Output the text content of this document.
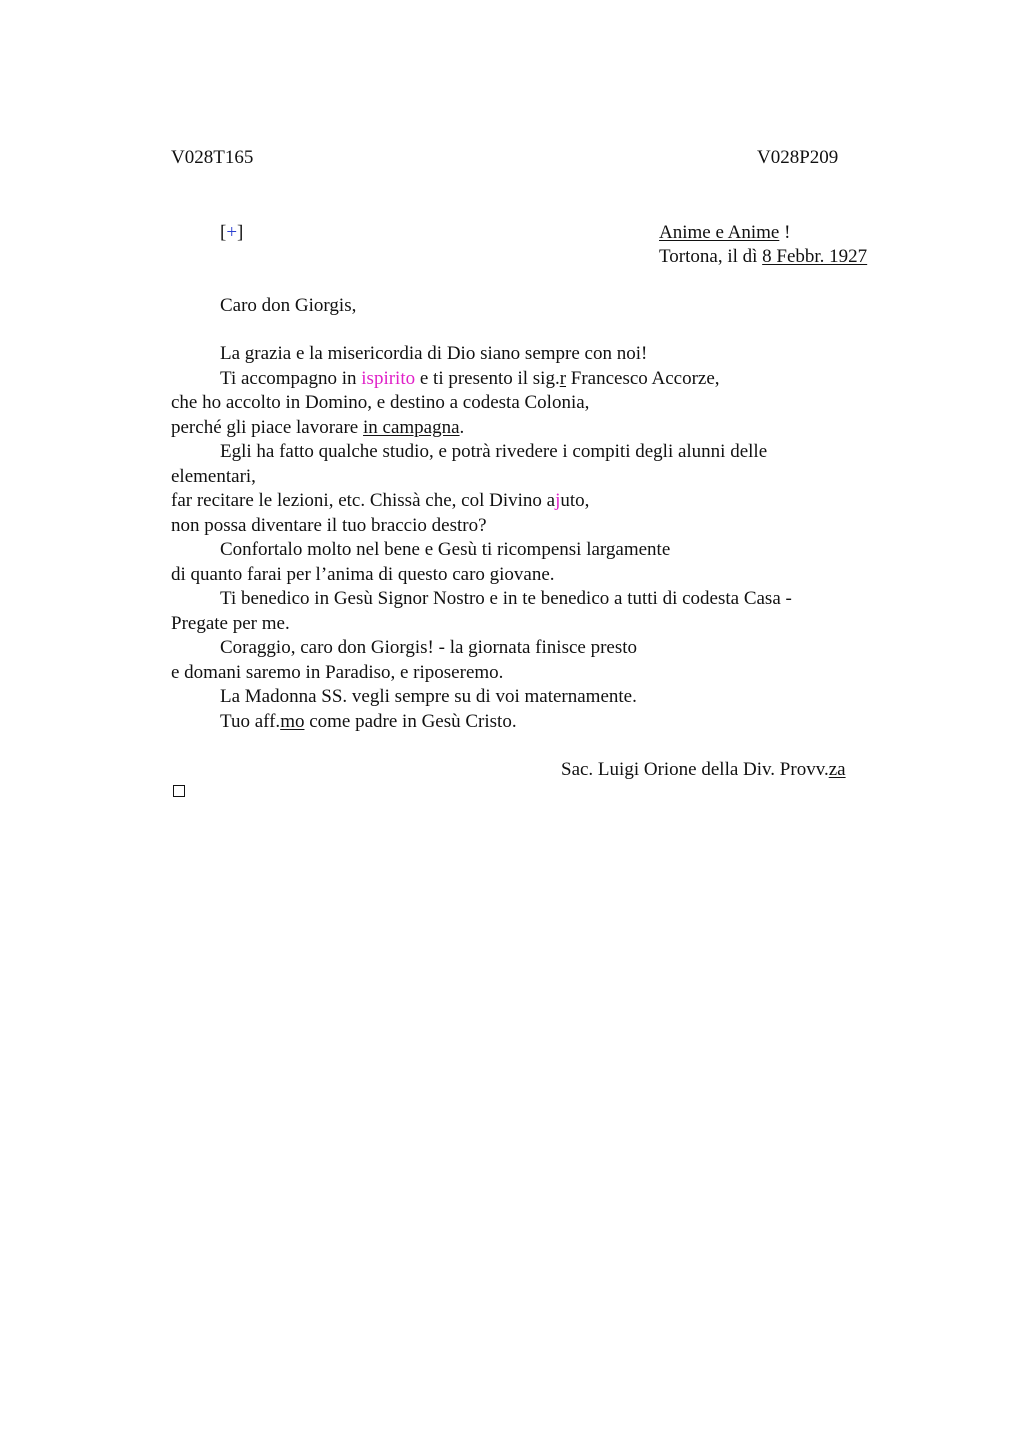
V028T165	V028P209
[+]	Anime e Anime !
Tortona, il dì 8 Febbr. 1927
Caro don Giorgis,
La grazia e la misericordia di Dio siano sempre con noi!
Ti accompagno in ispirito e ti presento il sig.r Francesco Accorze,
che ho accolto in Domino, e destino a codesta Colonia,
perché gli piace lavorare in campagna.
Egli ha fatto qualche studio, e potrà rivedere i compiti degli alunni delle
elementari,
far recitare le lezioni, etc. Chissà che, col Divino ajuto,
non possa diventare il tuo braccio destro?
Confortalo molto nel bene e Gesù ti ricompensi largamente
di quanto farai per l’anima di questo caro giovane.
Ti benedico in Gesù Signor Nostro e in te benedico a tutti di codesta Casa -
Pregate per me.
Coraggio, caro don Giorgis! - la giornata finisce presto
e domani saremo in Paradiso, e riposeremo.
La Madonna SS. vegli sempre su di voi maternamente.
Tuo aff.mo come padre in Gesù Cristo.
Sac. Luigi Orione della Div. Provv.za
